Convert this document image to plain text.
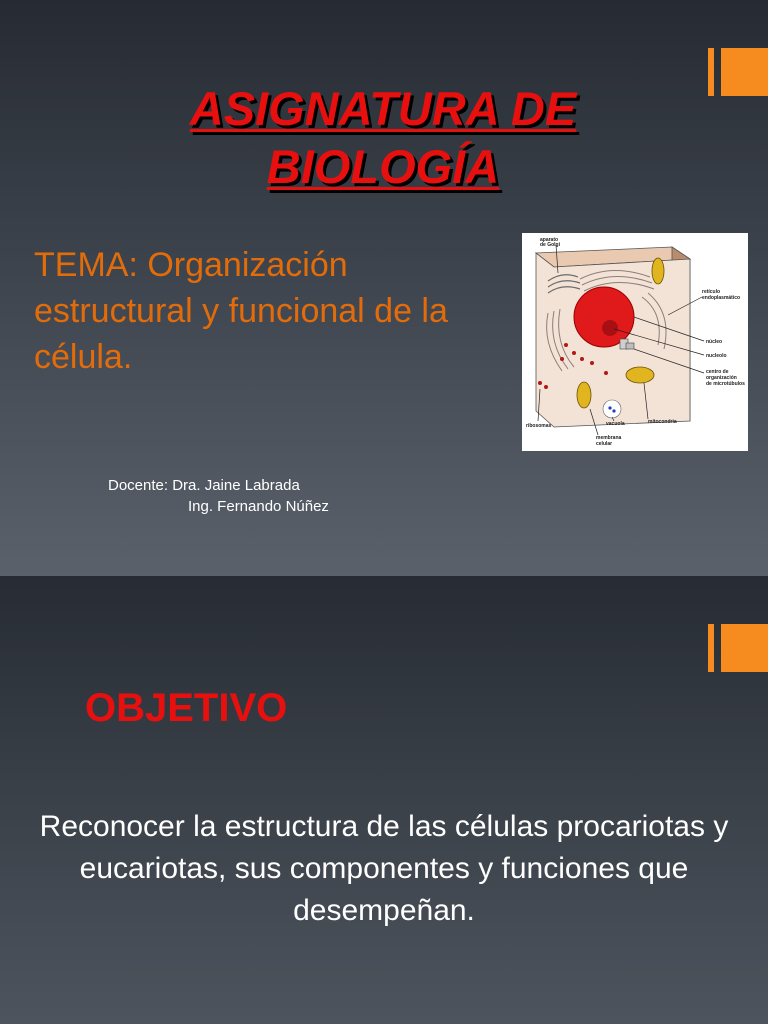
ASIGNATURA DE
BIOLOGÍA
TEMA: Organización estructural y funcional de la célula.
aparato
de Golgi
retículo
endoplasmático
núcleo
nucleolo
centro de
organización
de microtúbulos
mitocondria
vacuola
membrana
celular
ribosomas
Docente: Dra. Jaine Labrada
Ing. Fernando Núñez
OBJETIVO
Reconocer la estructura de las células procariotas y eucariotas, sus componentes y funciones que desempeñan.
